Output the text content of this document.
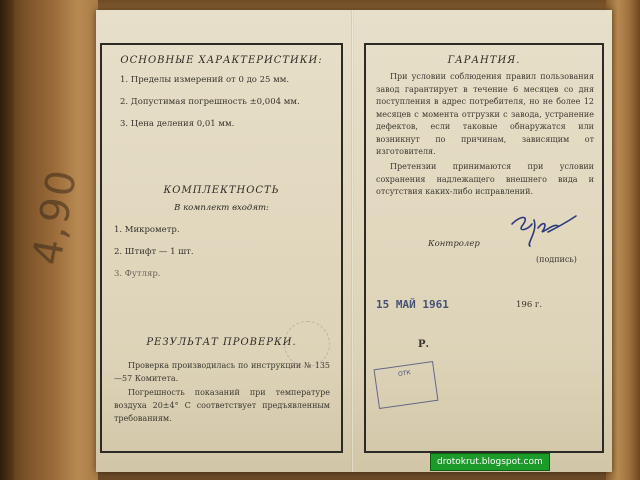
4,90
ОСНОВНЫЕ ХАРАКТЕРИСТИКИ:
1. Пределы измерений от 0 до 25 мм.
2. Допустимая погрешность ±0,004 мм.
3. Цена деления 0,01 мм.
КОМПЛЕКТНОСТЬ
В комплект входят:
1. Микрометр.
2. Штифт — 1 шт.
3. Футляр.
РЕЗУЛЬТАТ ПРОВЕРКИ.
Проверка производилась по инструкции № 135—57 Комитета.
Погрешность показаний при температуре воздуха 20±4° С соответствует предъявленным требованиям.
ГАРАНТИЯ.
При условии соблюдения правил пользования завод гарантирует в течение 6 месяцев со дня поступления в адрес потребителя, но не более 12 месяцев с момента отгрузки с завода, устранение дефектов, если таковые обнаружатся или возникнут по причинам, зависящим от изготовителя.
Претензии принимаются при условии сохранения надлежащего внешнего вида и отсутствия каких-либо исправлений.
Контролер
(подпись)
15 МАЙ 1961	196 г.
Р.
ОТК
drotokrut.blogspot.com
